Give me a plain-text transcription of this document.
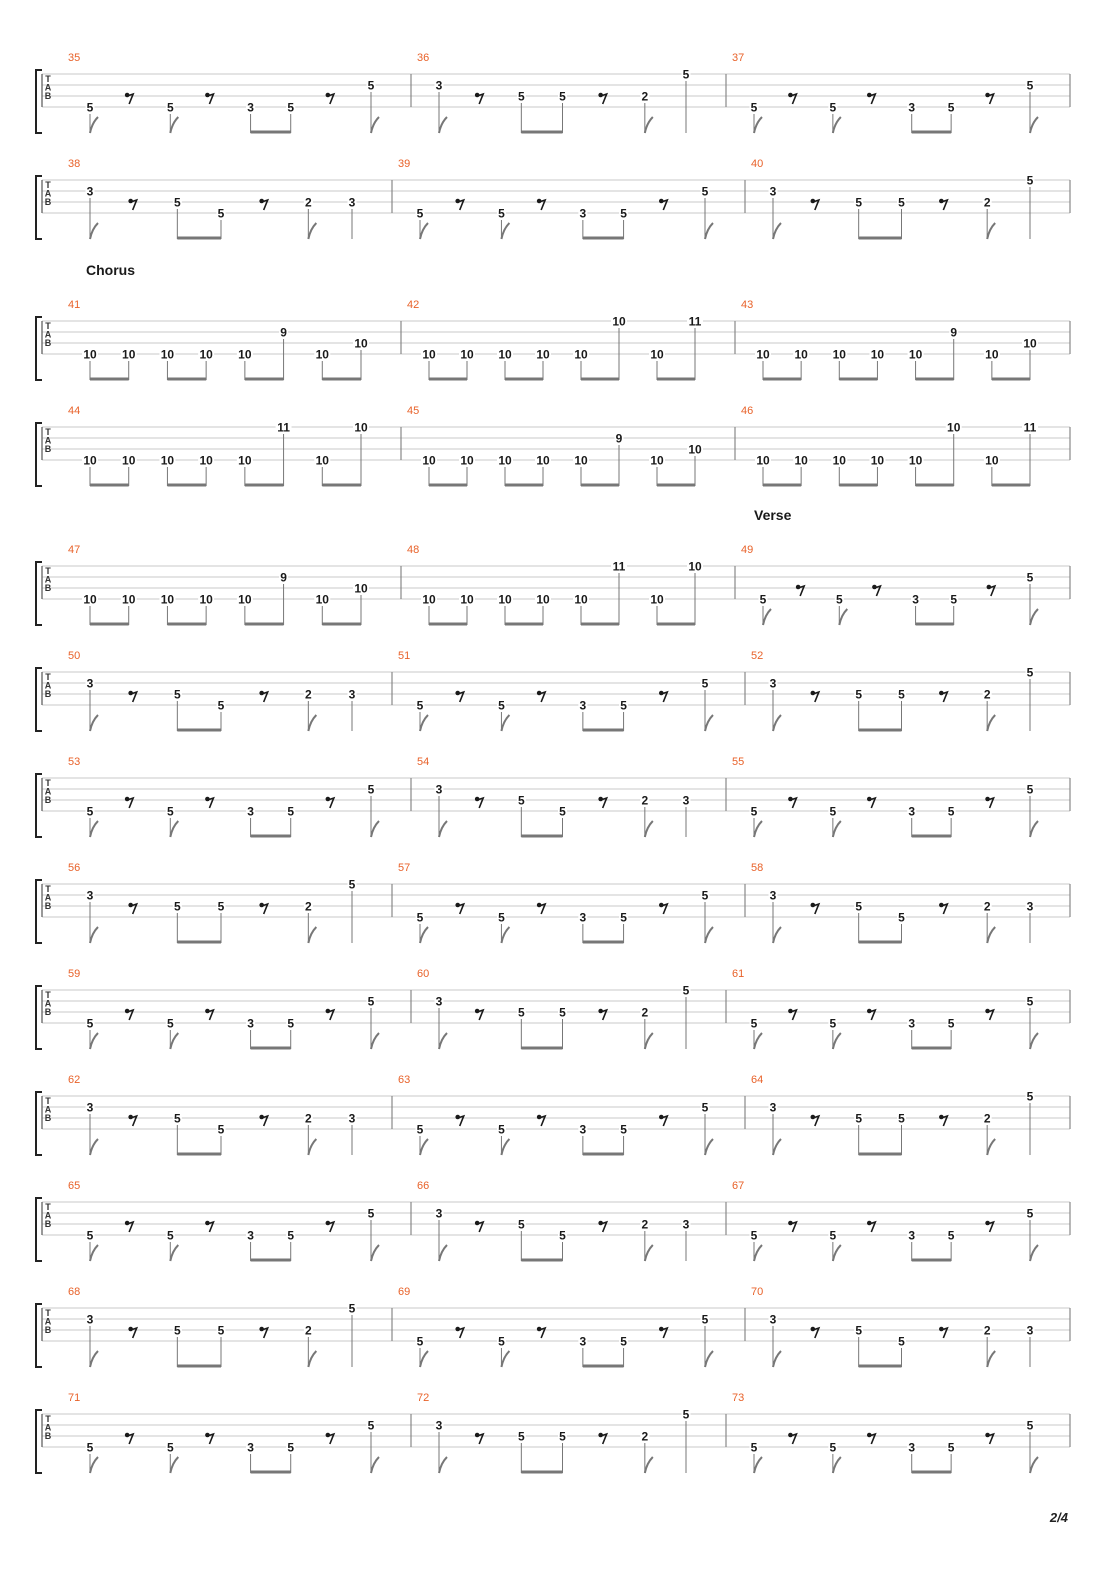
2/4
T
A
B
35
5	5	3	5
5
36
3
5	5	2
5
37
5	5	3	5
5
T
A
B
38
3
5
5
2	3
39
5	5	3	5
5
40
3
5	5	2
5
Chorus
T
A
B
41
10 10 10 10 10
9
10
10
42
10 10 10 10 10
10
10
11
43
10 10 10 10 10
9
10
10
T
A
B
44
10 10 10 10 10
11
10
10
45
10 10 10 10 10
9
10
10
46
10 10 10 10 10
10
10
11
Verse
T
A
B
47
10 10 10 10 10
9
10
10
48
10 10 10 10 10
11
10
10
49
5	5	3	5
5
T
A
B
50
3
5
5
2	3
51
5	5	3	5
5
52
3
5	5	2
5
T
A
B
53
5	5	3	5
5
54
3
5
5
2	3
55
5	5	3	5
5
T
A
B
56
3
5	5	2
5
57
5	5	3	5
5
58
3
5
5
2	3
T
A
B
59
5	5	3	5
5
60
3
5	5	2
5
61
5	5	3	5
5
T
A
B
62
3
5
5
2	3
63
5	5	3	5
5
64
3
5	5	2
5
T
A
B
65
5	5	3	5
5
66
3
5
5
2	3
67
5	5	3	5
5
T
A
B
68
3
5	5	2
5
69
5	5	3	5
5
70
3
5
5
2	3
T
A
B
71
5	5	3	5
5
72
3
5	5	2
5
73
5	5	3	5
5
